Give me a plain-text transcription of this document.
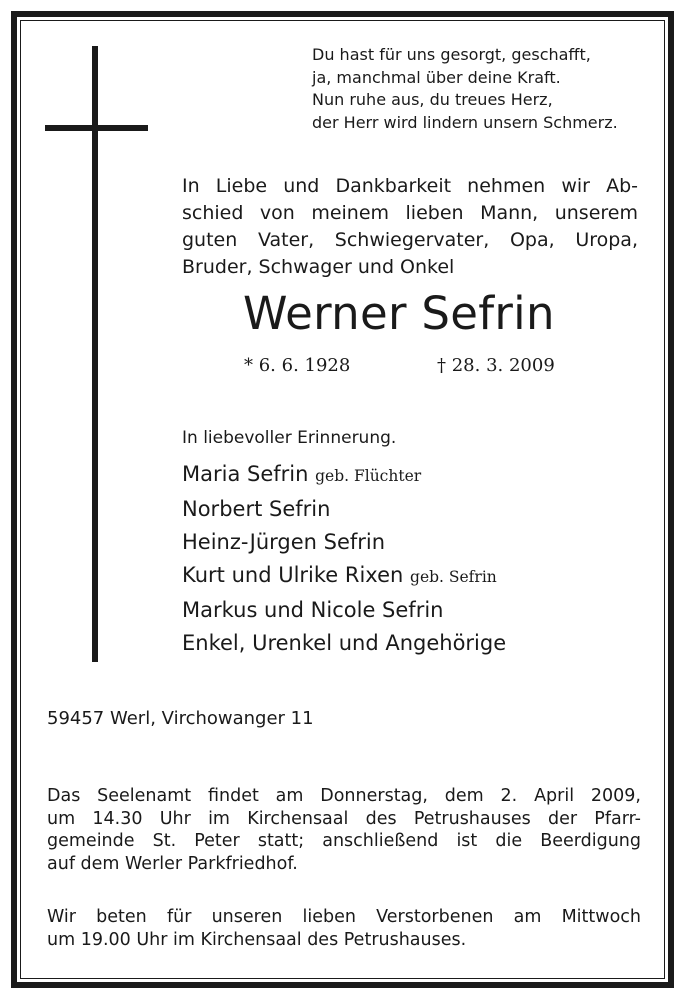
Du hast für uns gesorgt, geschafft,
ja, manchmal über deine Kraft.
Nun ruhe aus, du treues Herz,
der Herr wird lindern unsern Schmerz.
In Liebe und Dankbarkeit nehmen wir Ab-
schied von meinem lieben Mann, unserem
guten Vater, Schwiegervater, Opa, Uropa,
Bruder, Schwager und Onkel
Werner Sefrin
* 6. 6. 1928	† 28. 3. 2009
In liebevoller Erinnerung.
Maria Sefrin geb. Flüchter
Norbert Sefrin
Heinz-Jürgen Sefrin
Kurt und Ulrike Rixen geb. Sefrin
Markus und Nicole Sefrin
Enkel, Urenkel und Angehörige
59457 Werl, Virchowanger 11
Das Seelenamt findet am Donnerstag, dem 2. April 2009,
um 14.30 Uhr im Kirchensaal des Petrushauses der Pfarr-
gemeinde St. Peter statt; anschließend ist die Beerdigung
auf dem Werler Parkfriedhof.
Wir beten für unseren lieben Verstorbenen am Mittwoch
um 19.00 Uhr im Kirchensaal des Petrushauses.
